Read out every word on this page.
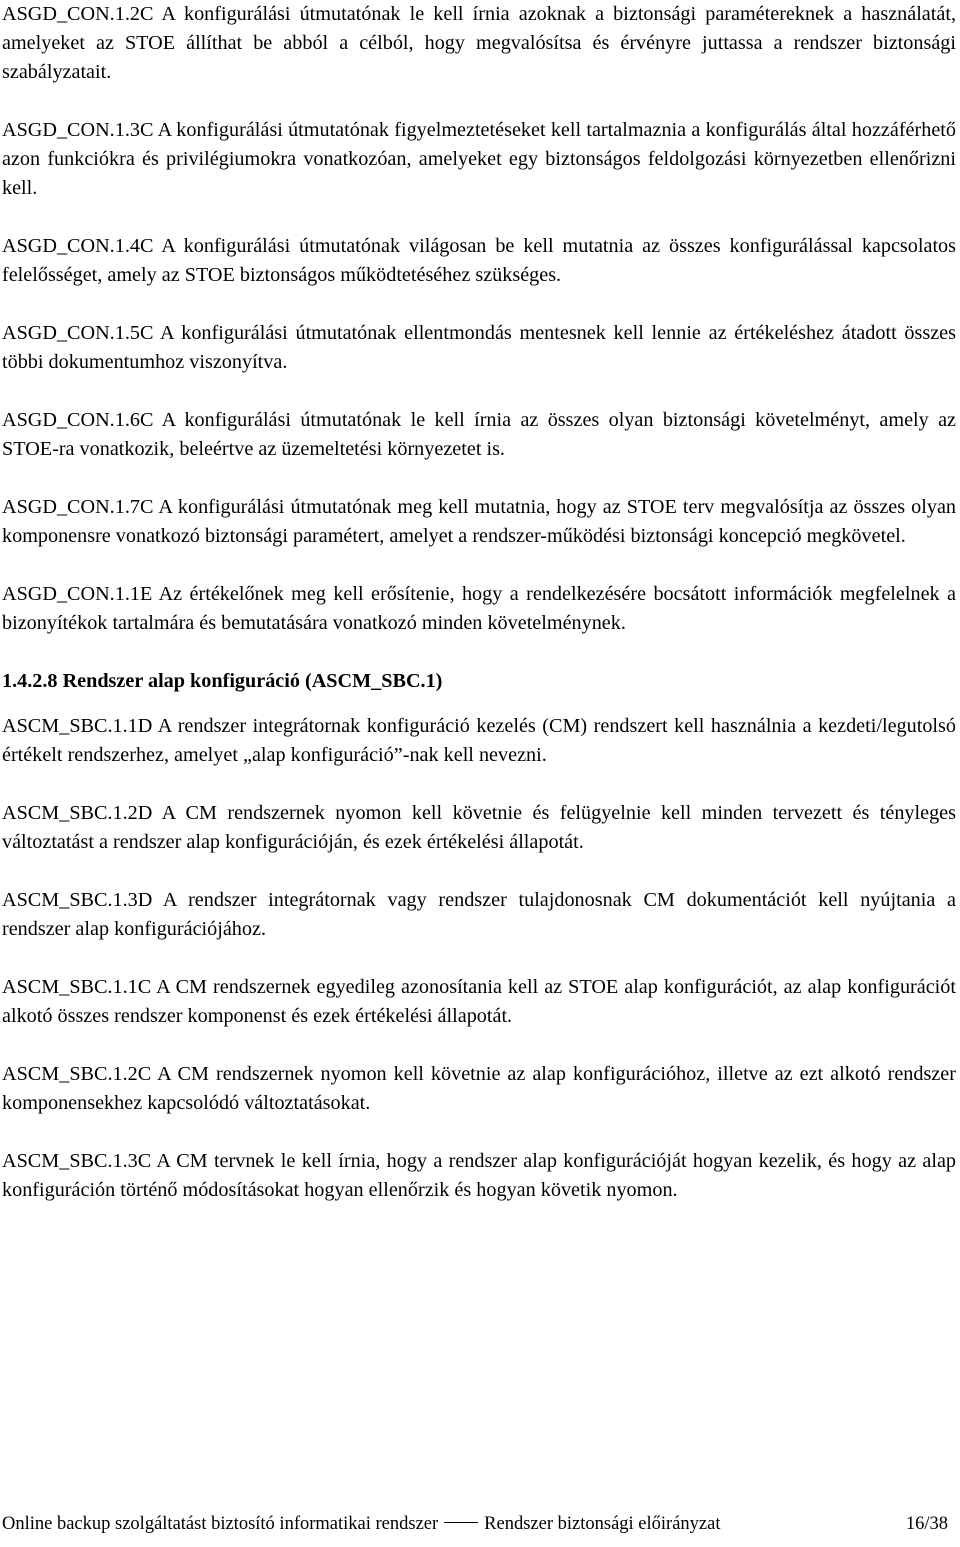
ASGD_CON.1.2C A konfigurálási útmutatónak le kell írnia azoknak a biztonsági paramétereknek a használatát, amelyeket az STOE állíthat be abból a célból, hogy megvalósítsa és érvényre juttassa a rendszer biztonsági szabályzatait.

ASGD_CON.1.3C A konfigurálási útmutatónak figyelmeztetéseket kell tartalmaznia a konfigurálás által hozzáférhető azon funkciókra és privilégiumokra vonatkozóan, amelyeket egy biztonságos feldolgozási környezetben ellenőrizni kell.

ASGD_CON.1.4C A konfigurálási útmutatónak világosan be kell mutatnia az összes konfigurálással kapcsolatos felelősséget, amely az STOE biztonságos működtetéséhez szükséges.

ASGD_CON.1.5C A konfigurálási útmutatónak ellentmondás mentesnek kell lennie az értékeléshez átadott összes többi dokumentumhoz viszonyítva.

ASGD_CON.1.6C A konfigurálási útmutatónak le kell írnia az összes olyan biztonsági követelményt, amely az STOE-ra vonatkozik, beleértve az üzemeltetési környezetet is.

ASGD_CON.1.7C A konfigurálási útmutatónak meg kell mutatnia, hogy az STOE terv megvalósítja az összes olyan komponensre vonatkozó biztonsági paramétert, amelyet a rendszer-működési biztonsági koncepció megkövetel.

ASGD_CON.1.1E Az értékelőnek meg kell erősítenie, hogy a rendelkezésére bocsátott információk megfelelnek a bizonyítékok tartalmára és bemutatására vonatkozó minden követelménynek.

1.4.2.8 Rendszer alap konfiguráció (ASCM_SBC.1)

ASCM_SBC.1.1D A rendszer integrátornak konfiguráció kezelés (CM) rendszert kell használnia a kezdeti/legutolsó értékelt rendszerhez, amelyet „alap konfiguráció”-nak kell nevezni.

ASCM_SBC.1.2D A CM rendszernek nyomon kell követnie és felügyelnie kell minden tervezett és tényleges változtatást a rendszer alap konfigurációján, és ezek értékelési állapotát.

ASCM_SBC.1.3D A rendszer integrátornak vagy rendszer tulajdonosnak CM dokumentációt kell nyújtania a rendszer alap konfigurációjához.

ASCM_SBC.1.1C A CM rendszernek egyedileg azonosítania kell az STOE alap konfigurációt, az alap konfigurációt alkotó összes rendszer komponenst és ezek értékelési állapotát.

ASCM_SBC.1.2C A CM rendszernek nyomon kell követnie az alap konfigurációhoz, illetve az ezt alkotó rendszer komponensekhez kapcsolódó változtatásokat.

ASCM_SBC.1.3C A CM tervnek le kell írnia, hogy a rendszer alap konfigurációját hogyan kezelik, és hogy az alap konfiguráción történő módosításokat hogyan ellenőrzik és hogyan követik nyomon.

Online backup szolgáltatást biztosító informatikai rendszer Rendszer biztonsági előirányzat	16/38
